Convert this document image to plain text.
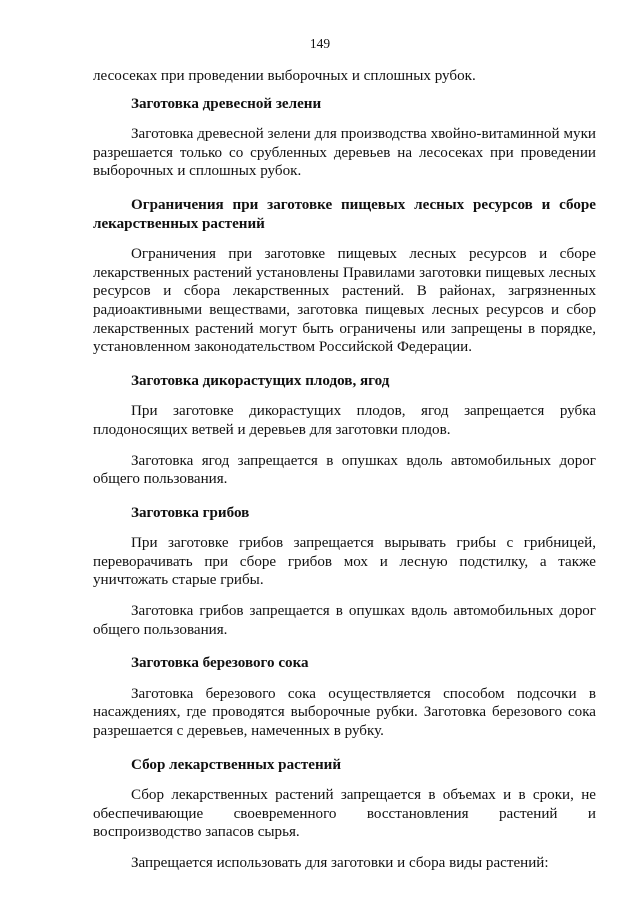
149

лесосеках при проведении выборочных и сплошных рубок.

Заготовка древесной зелени

Заготовка древесной зелени для производства хвойно-витаминной муки разрешается только со срубленных деревьев на лесосеках при проведении выборочных и сплошных рубок.

Ограничения при заготовке пищевых лесных ресурсов и сборе лекарственных растений

Ограничения при заготовке пищевых лесных ресурсов и сборе лекарственных растений установлены Правилами заготовки пищевых лесных ресурсов и сбора лекарственных растений. В районах, загрязненных радиоактивными веществами, заготовка пищевых лесных ресурсов и сбор лекарственных растений могут быть ограничены или запрещены в порядке, установленном законодательством Российской Федерации.

Заготовка дикорастущих плодов, ягод

При заготовке дикорастущих плодов, ягод запрещается рубка плодоносящих ветвей и деревьев для заготовки плодов.

Заготовка ягод запрещается в опушках вдоль автомобильных дорог общего пользования.

Заготовка грибов

При заготовке грибов запрещается вырывать грибы с грибницей, переворачивать при сборе грибов мох и лесную подстилку, а также уничтожать старые грибы.

Заготовка грибов запрещается в опушках вдоль автомобильных дорог общего пользования.

Заготовка березового сока

Заготовка березового сока осуществляется способом подсочки в насаждениях, где проводятся выборочные рубки. Заготовка березового сока разрешается с деревьев, намеченных в рубку.

Сбор лекарственных растений

Сбор лекарственных растений запрещается в объемах и в сроки, не обеспечивающие своевременного восстановления растений и воспроизводство запасов сырья.

Запрещается использовать для заготовки и сбора виды растений:
